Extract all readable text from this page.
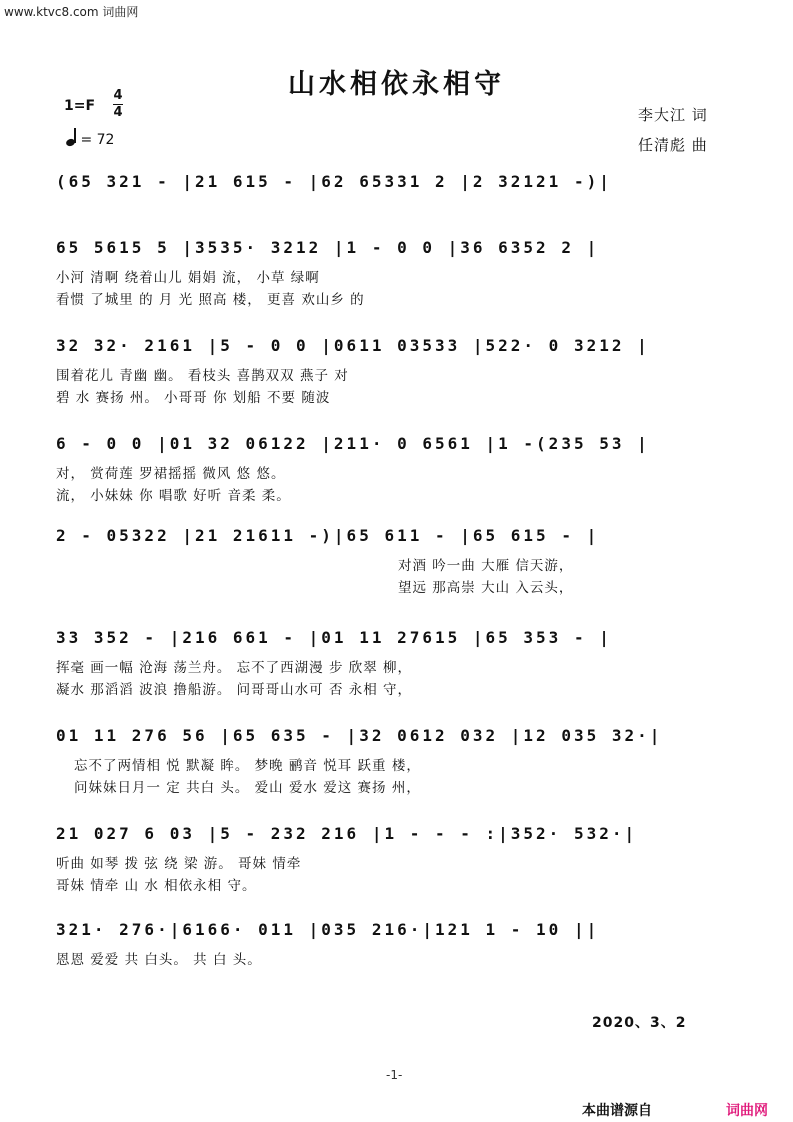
www.ktvc8.com 词曲网
山水相依永相守
1=F
4
4
= 72
李大江 词
任清彪 曲
(65 321 - |21 615 - |62 65331 2 |2 32121 -)|
65 5615 5 |3535· 3212 |1 - 0 0 |36 6352 2 |
小河 清啊 绕着山儿 娟娟 流， 小草 绿啊
看惯 了城里 的 月 光 照高 楼， 更喜 欢山乡 的
32 32· 2161 |5 - 0 0 |0611 03533 |522· 0 3212 |
围着花儿 青幽 幽。 看枝头 喜鹊双双 燕子 对
碧 水 赛扬 州。 小哥哥 你 划船 不要 随波
6 - 0 0 |01 32 06122 |211· 0 6561 |1 -(235 53 |
对， 赏荷莲 罗裙摇摇 微风 悠 悠。
流， 小妹妹 你 唱歌 好听 音柔 柔。
2 - 05322 |21 21611 -)|65 611 - |65 615 - |
对酒 吟一曲 大雁 信天游，
望远 那高崇 大山 入云头，
33 352 - |216 661 - |01 11 27615 |65 353 - |
挥毫 画一幅 沧海 荡兰舟。 忘不了西湖漫 步 欣翠 柳，
凝水 那滔滔 波浪 撸船游。 问哥哥山水可 否 永相 守，
01 11 276 56 |65 635 - |32 0612 032 |12 035 32·|
忘不了两情相 悦 默凝 眸。 梦晚 鹂音 悦耳 跃重 楼，
问妹妹日月一 定 共白 头。 爱山 爱水 爱这 赛扬 州，
21 027 6 03 |5 - 232 216 |1 - - - :|352· 532·|
听曲 如琴 拨 弦 绕 梁 游。 哥妹 情牵
哥妹 情牵 山 水 相依永相 守。
321· 276·|6166· 011 |035 216·|121 1 - 10 ||
恩恩 爱爱 共 白头。 共 白 头。
2020、3、2
-1-
本曲谱源自	词曲网
